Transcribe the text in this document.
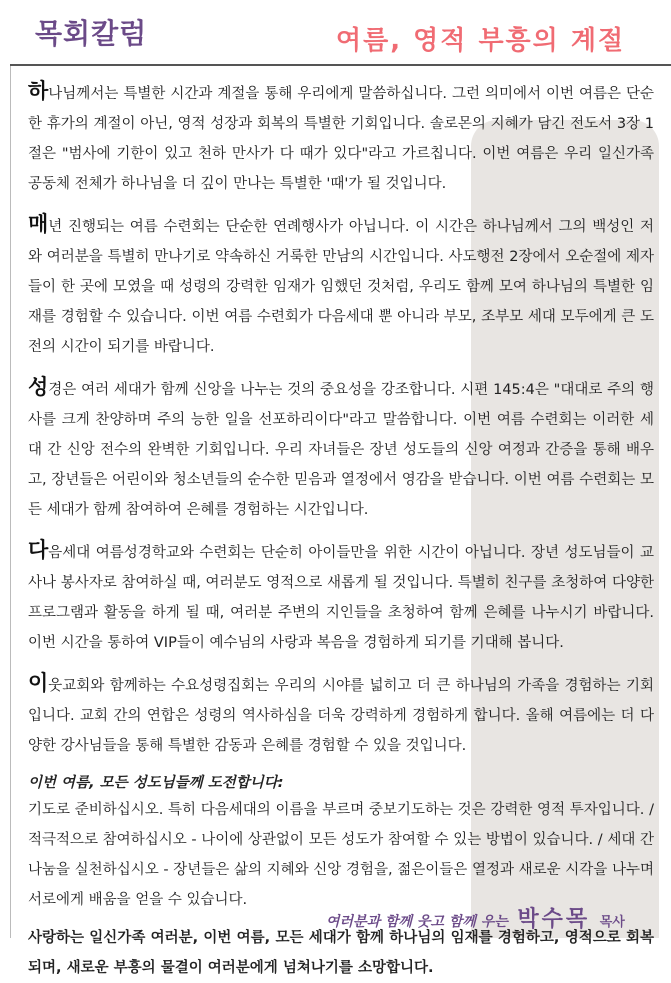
목회칼럼	여름, 영적 부흥의 계절

하나님께서는 특별한 시간과 계절을 통해 우리에게 말씀하십니다. 그런 의미에서 이번 여름은 단순한 휴가의 계절이 아닌, 영적 성장과 회복의 특별한 기회입니다. 솔로몬의 지혜가 담긴 전도서 3장 1절은 "범사에 기한이 있고 천하 만사가 다 때가 있다"라고 가르칩니다. 이번 여름은 우리 일신가족 공동체 전체가 하나님을 더 깊이 만나는 특별한 '때'가 될 것입니다.

매년 진행되는 여름 수련회는 단순한 연례행사가 아닙니다. 이 시간은 하나님께서 그의 백성인 저와 여러분을 특별히 만나기로 약속하신 거룩한 만남의 시간입니다. 사도행전 2장에서 오순절에 제자들이 한 곳에 모였을 때 성령의 강력한 임재가 임했던 것처럼, 우리도 함께 모여 하나님의 특별한 임재를 경험할 수 있습니다. 이번 여름 수련회가 다음세대 뿐 아니라 부모, 조부모 세대 모두에게 큰 도전의 시간이 되기를 바랍니다.

성경은 여러 세대가 함께 신앙을 나누는 것의 중요성을 강조합니다. 시편 145:4은 "대대로 주의 행사를 크게 찬양하며 주의 능한 일을 선포하리이다"라고 말씀합니다. 이번 여름 수련회는 이러한 세대 간 신앙 전수의 완벽한 기회입니다. 우리 자녀들은 장년 성도들의 신앙 여정과 간증을 통해 배우고, 장년들은 어린이와 청소년들의 순수한 믿음과 열정에서 영감을 받습니다. 이번 여름 수련회는 모든 세대가 함께 참여하여 은혜를 경험하는 시간입니다.

다음세대 여름성경학교와 수련회는 단순히 아이들만을 위한 시간이 아닙니다. 장년 성도님들이 교사나 봉사자로 참여하실 때, 여러분도 영적으로 새롭게 될 것입니다. 특별히 친구를 초청하여 다양한 프로그램과 활동을 하게 될 때, 여러분 주변의 지인들을 초청하여 함께 은혜를 나누시기 바랍니다. 이번 시간을 통하여 VIP들이 예수님의 사랑과 복음을 경험하게 되기를 기대해 봅니다.

이웃교회와 함께하는 수요성령집회는 우리의 시야를 넓히고 더 큰 하나님의 가족을 경험하는 기회입니다. 교회 간의 연합은 성령의 역사하심을 더욱 강력하게 경험하게 합니다. 올해 여름에는 더 다양한 강사님들을 통해 특별한 감동과 은혜를 경험할 수 있을 것입니다.

이번 여름, 모든 성도님들께 도전합니다:

기도로 준비하십시오. 특히 다음세대의 이름을 부르며 중보기도하는 것은 강력한 영적 투자입니다. / 적극적으로 참여하십시오 - 나이에 상관없이 모든 성도가 참여할 수 있는 방법이 있습니다. / 세대 간 나눔을 실천하십시오 - 장년들은 삶의 지혜와 신앙 경험을, 젊은이들은 열정과 새로운 시각을 나누며 서로에게 배움을 얻을 수 있습니다.

사랑하는 일신가족 여러분, 이번 여름, 모든 세대가 함께 하나님의 임재를 경험하고, 영적으로 회복되며, 새로운 부흥의 물결이 여러분에게 넘쳐나기를 소망합니다.

여러분과 함께 웃고 함께 우는 박수목 목사
